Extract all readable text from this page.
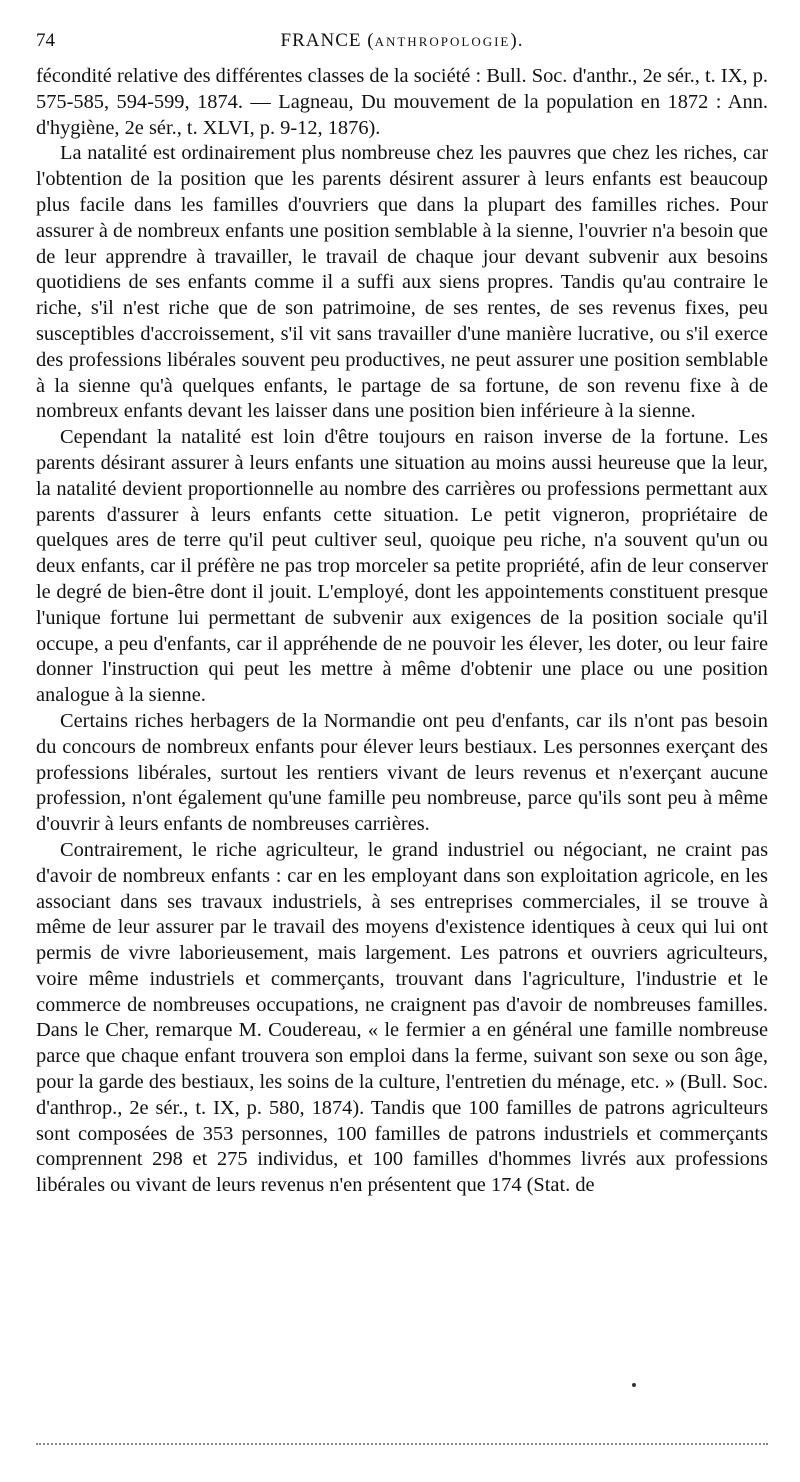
74	FRANCE (ANTHROPOLOGIE).

fécondité relative des différentes classes de la société : Bull. Soc. d'anthr., 2e sér., t. IX, p. 575-585, 594-599, 1874. — Lagneau, Du mouvement de la population en 1872 : Ann. d'hygiène, 2e sér., t. XLVI, p. 9-12, 1876).

La natalité est ordinairement plus nombreuse chez les pauvres que chez les riches, car l'obtention de la position que les parents désirent assurer à leurs enfants est beaucoup plus facile dans les familles d'ouvriers que dans la plupart des familles riches. Pour assurer à de nombreux enfants une position semblable à la sienne, l'ouvrier n'a besoin que de leur apprendre à travailler, le travail de chaque jour devant subvenir aux besoins quotidiens de ses enfants comme il a suffi aux siens propres. Tandis qu'au contraire le riche, s'il n'est riche que de son patrimoine, de ses rentes, de ses revenus fixes, peu susceptibles d'accroissement, s'il vit sans travailler d'une manière lucrative, ou s'il exerce des professions libérales souvent peu productives, ne peut assurer une position semblable à la sienne qu'à quelques enfants, le partage de sa fortune, de son revenu fixe à de nombreux enfants devant les laisser dans une position bien inférieure à la sienne.

Cependant la natalité est loin d'être toujours en raison inverse de la fortune. Les parents désirant assurer à leurs enfants une situation au moins aussi heureuse que la leur, la natalité devient proportionnelle au nombre des carrières ou professions permettant aux parents d'assurer à leurs enfants cette situation. Le petit vigneron, propriétaire de quelques ares de terre qu'il peut cultiver seul, quoique peu riche, n'a souvent qu'un ou deux enfants, car il préfère ne pas trop morceler sa petite propriété, afin de leur conserver le degré de bien-être dont il jouit. L'employé, dont les appointements constituent presque l'unique fortune lui permettant de subvenir aux exigences de la position sociale qu'il occupe, a peu d'enfants, car il appréhende de ne pouvoir les élever, les doter, ou leur faire donner l'instruction qui peut les mettre à même d'obtenir une place ou une position analogue à la sienne.

Certains riches herbagers de la Normandie ont peu d'enfants, car ils n'ont pas besoin du concours de nombreux enfants pour élever leurs bestiaux. Les personnes exerçant des professions libérales, surtout les rentiers vivant de leurs revenus et n'exerçant aucune profession, n'ont également qu'une famille peu nombreuse, parce qu'ils sont peu à même d'ouvrir à leurs enfants de nombreuses carrières.

Contrairement, le riche agriculteur, le grand industriel ou négociant, ne craint pas d'avoir de nombreux enfants : car en les employant dans son exploitation agricole, en les associant dans ses travaux industriels, à ses entreprises commerciales, il se trouve à même de leur assurer par le travail des moyens d'existence identiques à ceux qui lui ont permis de vivre laborieusement, mais largement. Les patrons et ouvriers agriculteurs, voire même industriels et commerçants, trouvant dans l'agriculture, l'industrie et le commerce de nombreuses occupations, ne craignent pas d'avoir de nombreuses familles. Dans le Cher, remarque M. Coudereau, « le fermier a en général une famille nombreuse parce que chaque enfant trouvera son emploi dans la ferme, suivant son sexe ou son âge, pour la garde des bestiaux, les soins de la culture, l'entretien du ménage, etc. » (Bull. Soc. d'anthrop., 2e sér., t. IX, p. 580, 1874). Tandis que 100 familles de patrons agriculteurs sont composées de 353 personnes, 100 familles de patrons industriels et commerçants comprennent 298 et 275 individus, et 100 familles d'hommes livrés aux professions libérales ou vivant de leurs revenus n'en présentent que 174 (Stat. de
